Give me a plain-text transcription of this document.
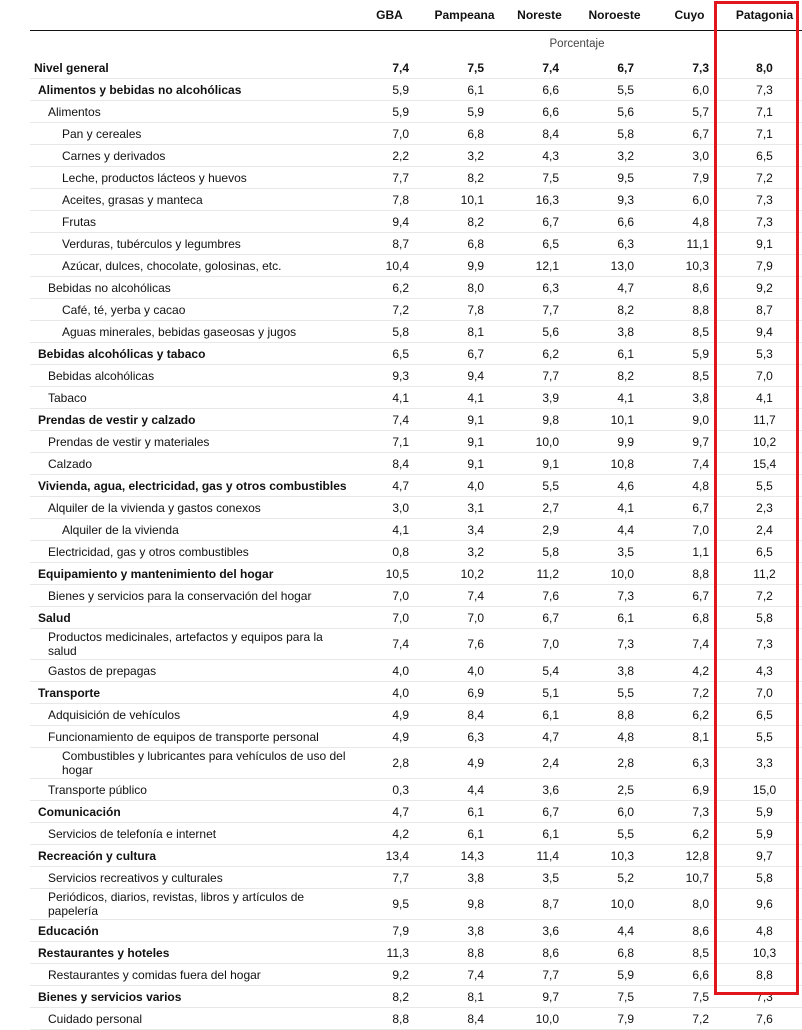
	GBA	Pampeana	Noreste	Noroeste	Cuyo	Patagonia
			Porcentaje			
Nivel general	7,4	7,5	7,4	6,7	7,3	8,0
Alimentos y bebidas no alcohólicas	5,9	6,1	6,6	5,5	6,0	7,3
Alimentos	5,9	5,9	6,6	5,6	5,7	7,1
Pan y cereales	7,0	6,8	8,4	5,8	6,7	7,1
Carnes y derivados	2,2	3,2	4,3	3,2	3,0	6,5
Leche, productos lácteos y huevos	7,7	8,2	7,5	9,5	7,9	7,2
Aceites, grasas y manteca	7,8	10,1	16,3	9,3	6,0	7,3
Frutas	9,4	8,2	6,7	6,6	4,8	7,3
Verduras, tubérculos y legumbres	8,7	6,8	6,5	6,3	11,1	9,1
Azúcar, dulces, chocolate, golosinas, etc.	10,4	9,9	12,1	13,0	10,3	7,9
Bebidas no alcohólicas	6,2	8,0	6,3	4,7	8,6	9,2
Café, té, yerba y cacao	7,2	7,8	7,7	8,2	8,8	8,7
Aguas minerales, bebidas gaseosas y jugos	5,8	8,1	5,6	3,8	8,5	9,4
Bebidas alcohólicas y tabaco	6,5	6,7	6,2	6,1	5,9	5,3
Bebidas alcohólicas	9,3	9,4	7,7	8,2	8,5	7,0
Tabaco	4,1	4,1	3,9	4,1	3,8	4,1
Prendas de vestir y calzado	7,4	9,1	9,8	10,1	9,0	11,7
Prendas de vestir y materiales	7,1	9,1	10,0	9,9	9,7	10,2
Calzado	8,4	9,1	9,1	10,8	7,4	15,4
Vivienda, agua, electricidad, gas y otros combustibles	4,7	4,0	5,5	4,6	4,8	5,5
Alquiler de la vivienda y gastos conexos	3,0	3,1	2,7	4,1	6,7	2,3
Alquiler de la vivienda	4,1	3,4	2,9	4,4	7,0	2,4
Electricidad, gas y otros combustibles	0,8	3,2	5,8	3,5	1,1	6,5
Equipamiento y mantenimiento del hogar	10,5	10,2	11,2	10,0	8,8	11,2
Bienes y servicios para la conservación del hogar	7,0	7,4	7,6	7,3	6,7	7,2
Salud	7,0	7,0	6,7	6,1	6,8	5,8
Productos medicinales, artefactos y equipos para la salud	7,4	7,6	7,0	7,3	7,4	7,3
Gastos de prepagas	4,0	4,0	5,4	3,8	4,2	4,3
Transporte	4,0	6,9	5,1	5,5	7,2	7,0
Adquisición de vehículos	4,9	8,4	6,1	8,8	6,2	6,5
Funcionamiento de equipos de transporte personal	4,9	6,3	4,7	4,8	8,1	5,5
Combustibles y lubricantes para vehículos de uso del hogar	2,8	4,9	2,4	2,8	6,3	3,3
Transporte público	0,3	4,4	3,6	2,5	6,9	15,0
Comunicación	4,7	6,1	6,7	6,0	7,3	5,9
Servicios de telefonía e internet	4,2	6,1	6,1	5,5	6,2	5,9
Recreación y cultura	13,4	14,3	11,4	10,3	12,8	9,7
Servicios recreativos y culturales	7,7	3,8	3,5	5,2	10,7	5,8
Periódicos, diarios, revistas, libros y artículos de papelería	9,5	9,8	8,7	10,0	8,0	9,6
Educación	7,9	3,8	3,6	4,4	8,6	4,8
Restaurantes y hoteles	11,3	8,8	8,6	6,8	8,5	10,3
Restaurantes y comidas fuera del hogar	9,2	7,4	7,7	5,9	6,6	8,8
Bienes y servicios varios	8,2	8,1	9,7	7,5	7,5	7,3
Cuidado personal	8,8	8,4	10,0	7,9	7,2	7,6
